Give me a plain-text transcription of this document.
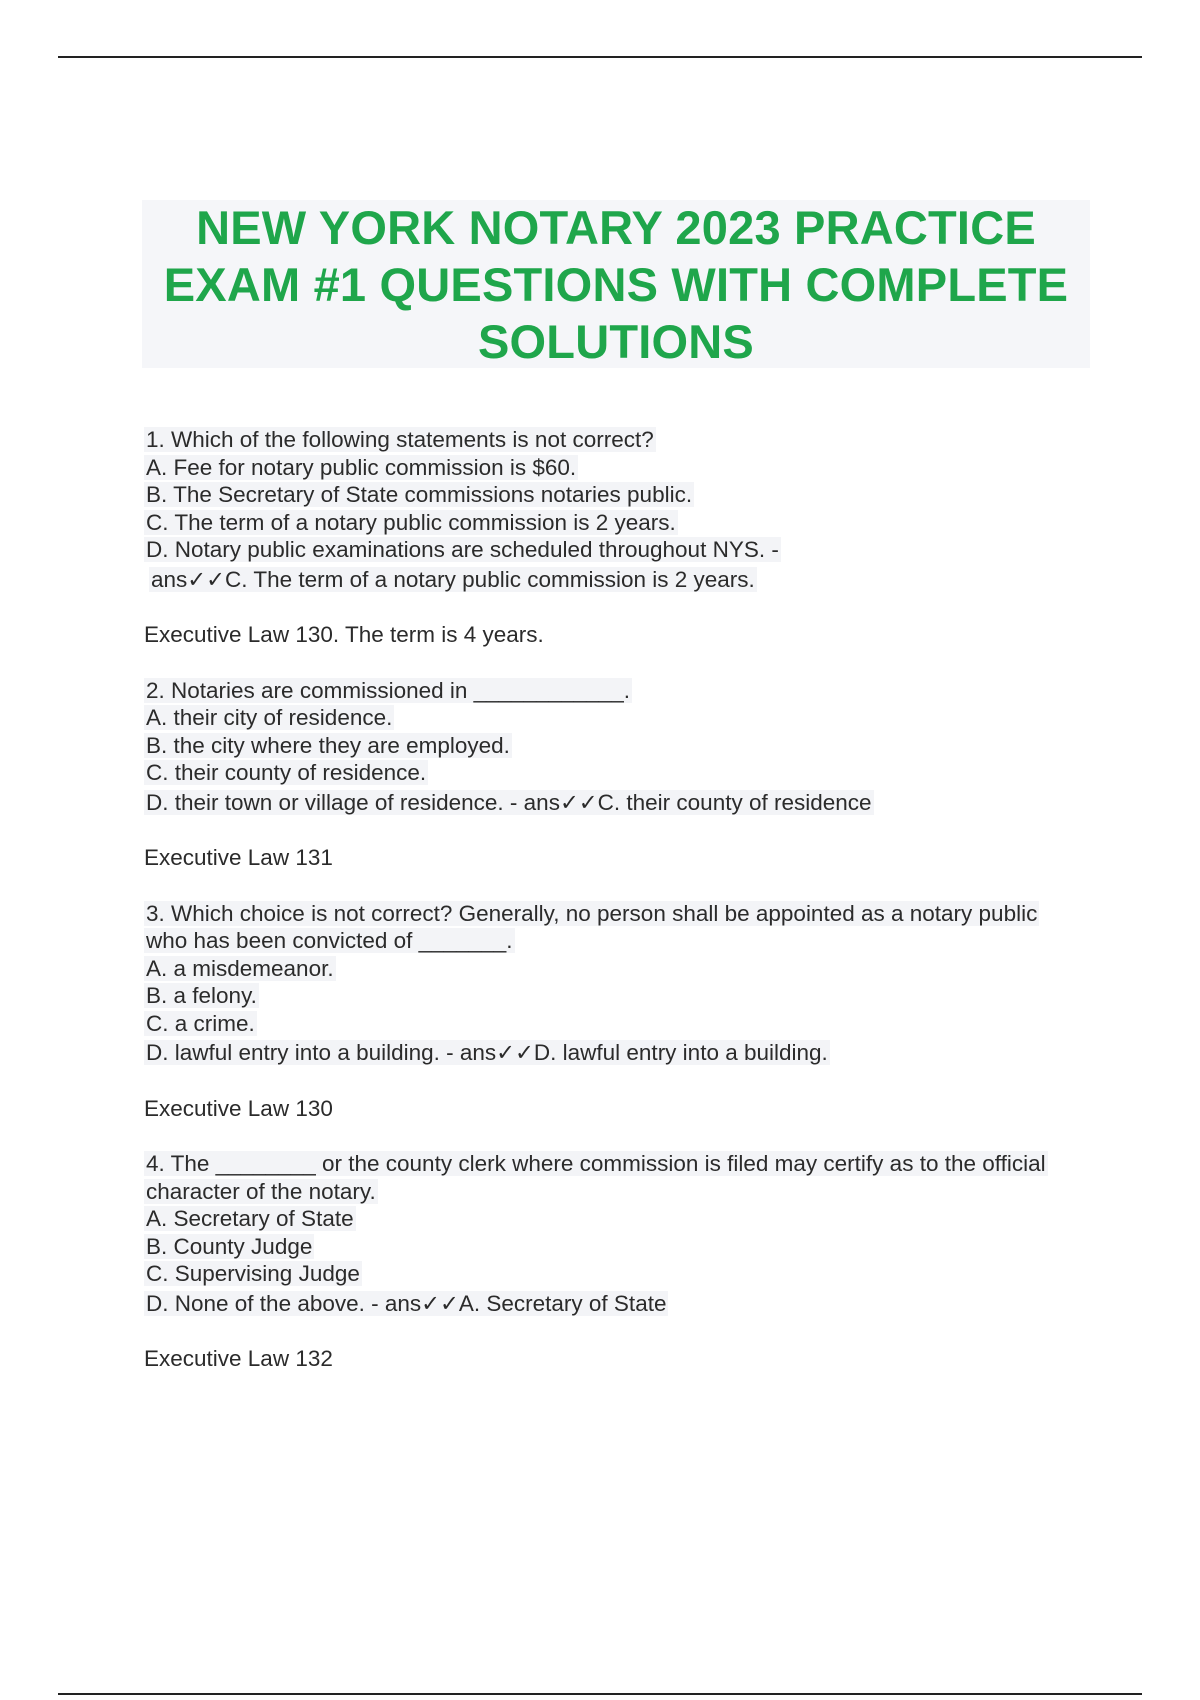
NEW YORK NOTARY 2023 PRACTICE
EXAM #1 QUESTIONS WITH COMPLETE
SOLUTIONS
1. Which of the following statements is not correct?
A. Fee for notary public commission is $60.
B. The Secretary of State commissions notaries public.
C. The term of a notary public commission is 2 years.
D. Notary public examinations are scheduled throughout NYS. -
ans✓✓C. The term of a notary public commission is 2 years.
Executive Law 130. The term is 4 years.
2. Notaries are commissioned in ____________.
A. their city of residence.
B. the city where they are employed.
C. their county of residence.
D. their town or village of residence. - ans✓✓C. their county of residence
Executive Law 131
3. Which choice is not correct? Generally, no person shall be appointed as a notary public
who has been convicted of _______.
A. a misdemeanor.
B. a felony.
C. a crime.
D. lawful entry into a building. - ans✓✓D. lawful entry into a building.
Executive Law 130
4. The ________ or the county clerk where commission is filed may certify as to the official
character of the notary.
A. Secretary of State
B. County Judge
C. Supervising Judge
D. None of the above. - ans✓✓A. Secretary of State
Executive Law 132
